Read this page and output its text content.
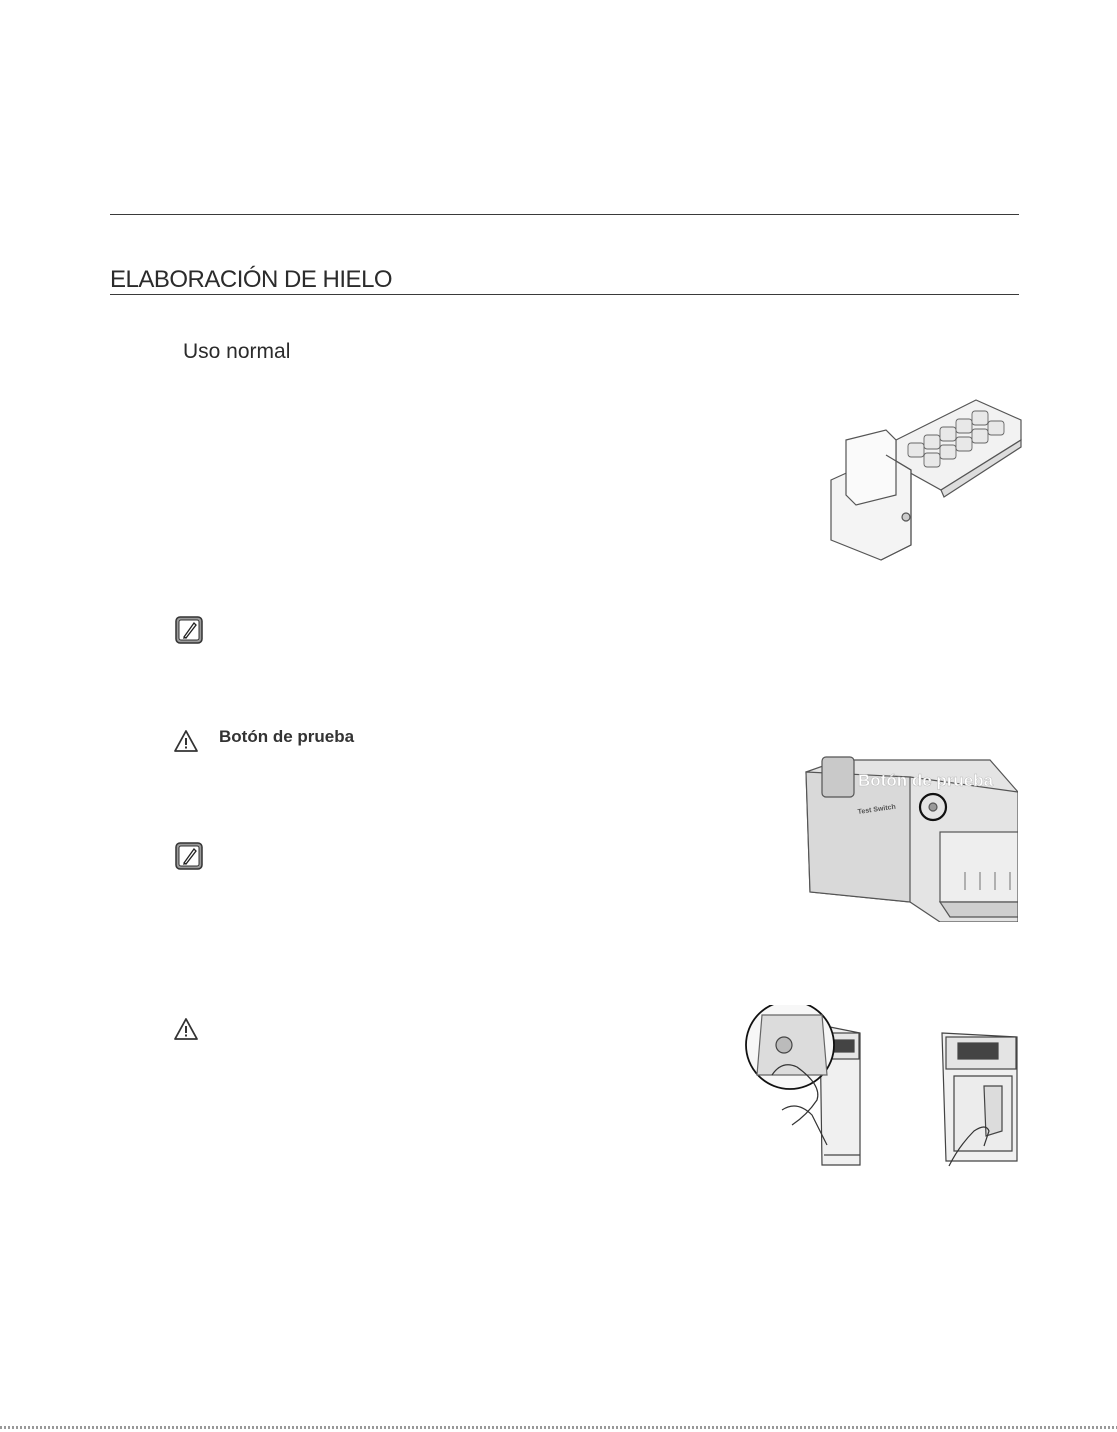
ELABORACIÓN DE HIELO
Uso normal
Botón de prueba
Test Switch
Botón de prueba
